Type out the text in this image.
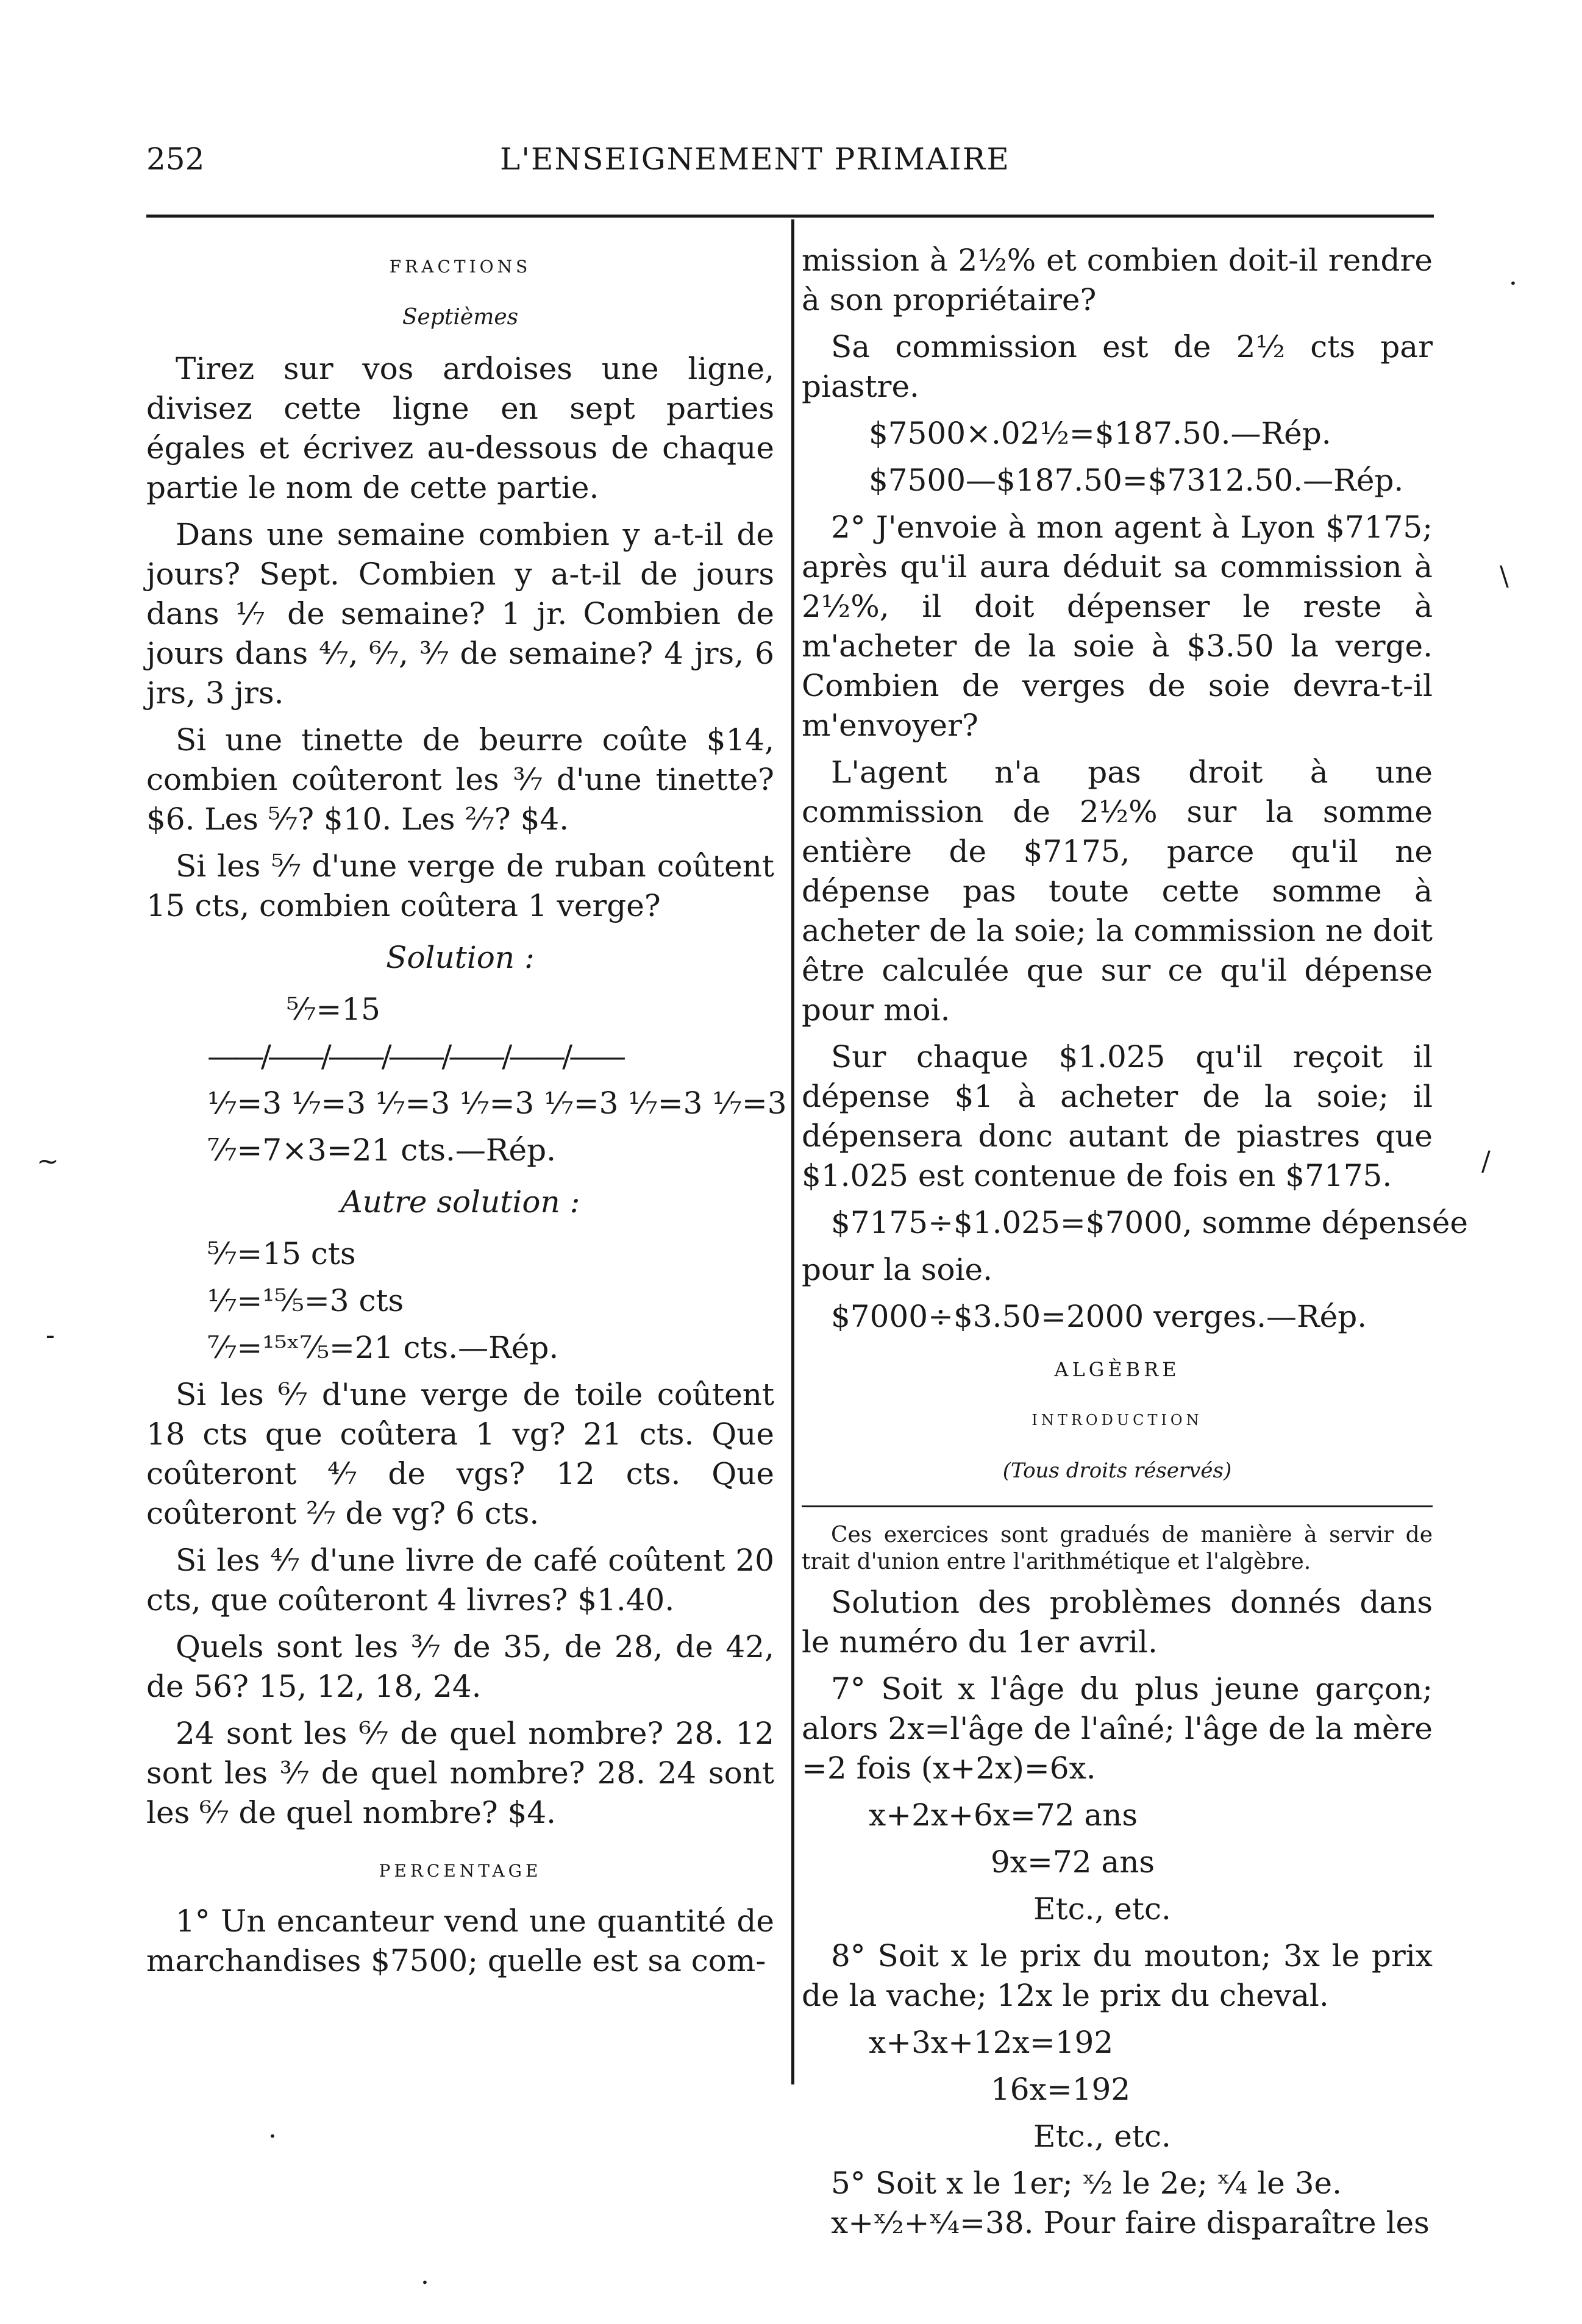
252	L'ENSEIGNEMENT PRIMAIRE
FRACTIONS
Septièmes

Tirez sur vos ardoises une ligne, divisez cette ligne en sept parties égales et écrivez au-dessous de chaque partie le nom de cette partie.

Dans une semaine combien y a-t-il de jours? Sept. Combien y a-t-il de jours dans ⅐ de semaine? 1 jr. Combien de jours dans ⁴⁄₇, ⁶⁄₇, ³⁄₇ de semaine? 4 jrs, 6 jrs, 3 jrs.

Si une tinette de beurre coûte $14, combien coûteront les ³⁄₇ d'une tinette? $6. Les ⁵⁄₇? $10. Les ²⁄₇? $4.

Si les ⁵⁄₇ d'une verge de ruban coûtent 15 cts, combien coûtera 1 verge?

Solution :

⁵⁄₇=15

——/——/——/——/——/——/——

⅐=3 ⅐=3 ⅐=3 ⅐=3 ⅐=3 ⅐=3 ⅐=3

⁷⁄₇=7×3=21 cts.—Rép.

Autre solution :

⁵⁄₇=15 cts

⅐=¹⁵⁄₅=3 cts

⁷⁄₇=¹⁵ˣ⁷⁄₅=21 cts.—Rép.

Si les ⁶⁄₇ d'une verge de toile coûtent 18 cts que coûtera 1 vg? 21 cts. Que coûteront ⁴⁄₇ de vgs? 12 cts. Que coûteront ²⁄₇ de vg? 6 cts.

Si les ⁴⁄₇ d'une livre de café coûtent 20 cts, que coûteront 4 livres? $1.40.

Quels sont les ³⁄₇ de 35, de 28, de 42, de 56? 15, 12, 18, 24.

24 sont les ⁶⁄₇ de quel nombre? 28. 12 sont les ³⁄₇ de quel nombre? 28. 24 sont les ⁶⁄₇ de quel nombre? $4.

PERCENTAGE

1° Un encanteur vend une quantité de marchandises $7500; quelle est sa com-

mission à 2½% et combien doit-il rendre à son propriétaire?

Sa commission est de 2½ cts par piastre.

$7500×.02½=$187.50.—Rép.

$7500—$187.50=$7312.50.—Rép.

2° J'envoie à mon agent à Lyon $7175; après qu'il aura déduit sa commission à 2½%, il doit dépenser le reste à m'acheter de la soie à $3.50 la verge. Combien de verges de soie devra-t-il m'envoyer?

L'agent n'a pas droit à une commission de 2½% sur la somme entière de $7175, parce qu'il ne dépense pas toute cette somme à acheter de la soie; la commission ne doit être calculée que sur ce qu'il dépense pour moi.

Sur chaque $1.025 qu'il reçoit il dépense $1 à acheter de la soie; il dépensera donc autant de piastres que $1.025 est contenue de fois en $7175.

$7175÷$1.025=$7000, somme dépensée

pour la soie.

$7000÷$3.50=2000 verges.—Rép.

ALGÈBRE
INTRODUCTION
(Tous droits réservés)

Ces exercices sont gradués de manière à servir de trait d'union entre l'arithmétique et l'algèbre.

Solution des problèmes donnés dans le numéro du 1er avril.

7° Soit x l'âge du plus jeune garçon; alors 2x=l'âge de l'aîné; l'âge de la mère =2 fois (x+2x)=6x.

x+2x+6x=72 ans

9x=72 ans

Etc., etc.

8° Soit x le prix du mouton; 3x le prix de la vache; 12x le prix du cheval.

x+3x+12x=192

16x=192

Etc., etc.

5° Soit x le 1er; ˣ⁄₂ le 2e; ˣ⁄₄ le 3e.

x+ˣ⁄₂+ˣ⁄₄=38. Pour faire disparaître les

·
\
/
~
-
·
·
